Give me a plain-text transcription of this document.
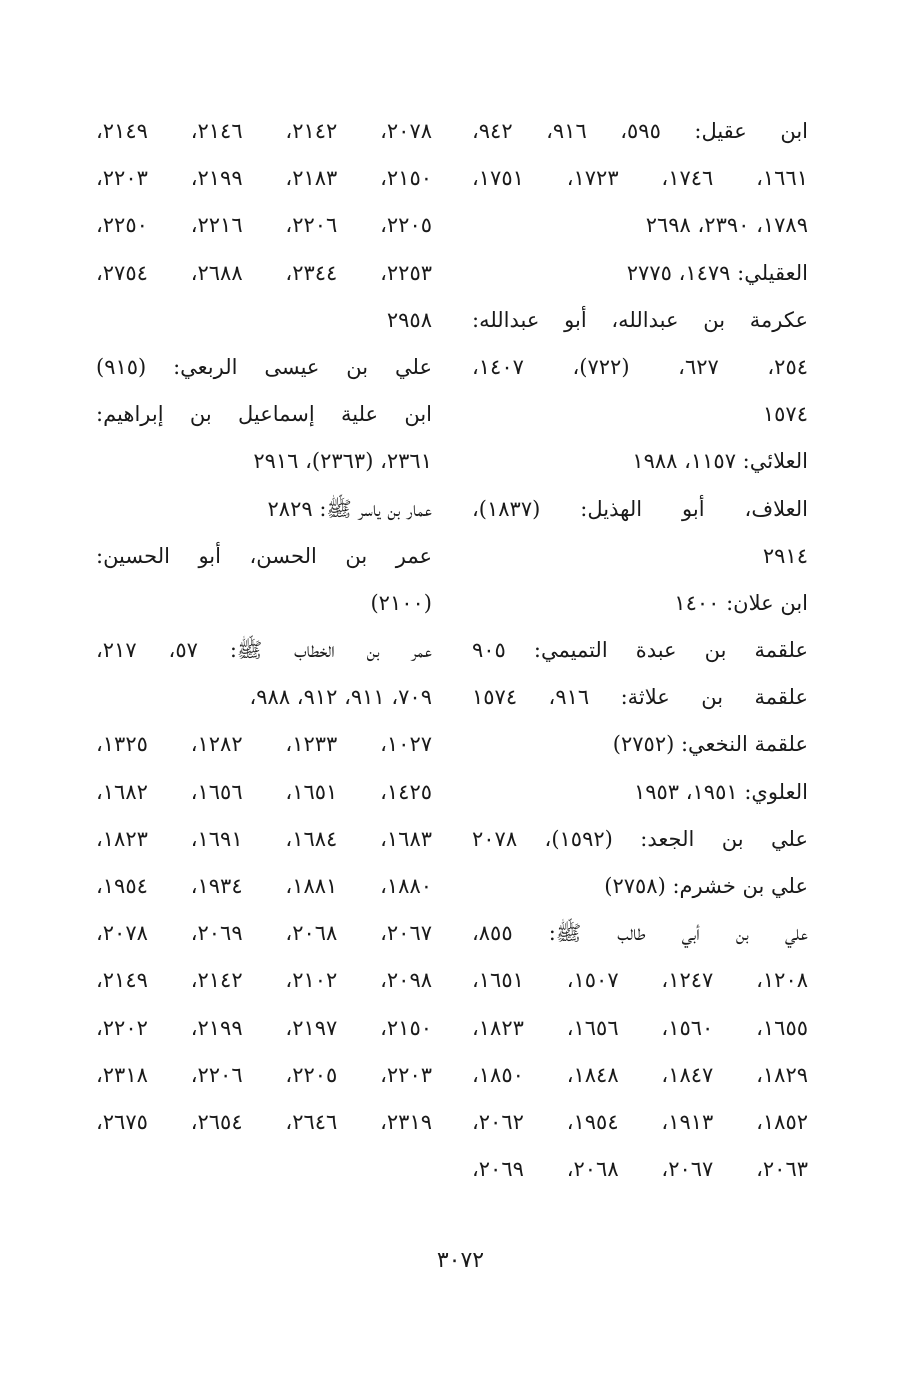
ابن عقيل: ٥٩٥، ٩١٦، ٩٤٢،
١٦٦١، ١٧٤٦، ١٧٢٣، ١٧٥١،
١٧٨٩، ٢٣٩٠، ٢٦٩٨
العقيلي: ١٤٧٩، ٢٧٧٥
عكرمة بن عبدالله، أبو عبدالله:
٢٥٤، ٦٢٧، (٧٢٢)، ١٤٠٧،
١٥٧٤
العلائي: ١١٥٧، ١٩٨٨
العلاف، أبو الهذيل: (١٨٣٧)،
٢٩١٤
ابن علان: ١٤٠٠
علقمة بن عبدة التميمي: ٩٠٥
علقمة بن علاثة: ٩١٦، ١٥٧٤
علقمة النخعي: (٢٧٥٢)
العلوي: ١٩٥١، ١٩٥٣
علي بن الجعد: (١٥٩٢)، ٢٠٧٨
علي بن خشرم: (٢٧٥٨)
علي بن أبي طالب ﷺ: ٨٥٥،
١٢٠٨، ١٢٤٧، ١٥٠٧، ١٦٥١،
١٦٥٥، ١٥٦٠، ١٦٥٦، ١٨٢٣،
١٨٢٩، ١٨٤٧، ١٨٤٨، ١٨٥٠،
١٨٥٢، ١٩١٣، ١٩٥٤، ٢٠٦٢،
٢٠٦٣، ٢٠٦٧، ٢٠٦٨، ٢٠٦٩،
٢٠٧٨، ٢١٤٢، ٢١٤٦، ٢١٤٩،
٢١٥٠، ٢١٨٣، ٢١٩٩، ٢٢٠٣،
٢٢٠٥، ٢٢٠٦، ٢٢١٦، ٢٢٥٠،
٢٢٥٣، ٢٣٤٤، ٢٦٨٨، ٢٧٥٤،
٢٩٥٨
علي بن عيسى الربعي: (٩١٥)
ابن علية إسماعيل بن إبراهيم:
٢٣٦١، (٢٣٦٣)، ٢٩١٦
عمار بن ياسر ﷺ: ٢٨٢٩
عمر بن الحسن، أبو الحسين:
(٢١٠٠)
عمر بن الخطاب ﷺ: ٥٧، ٢١٧،
٧٠٩، ٩١١، ٩١٢، ٩٨٨،
١٠٢٧، ١٢٣٣، ١٢٨٢، ١٣٢٥،
١٤٢٥، ١٦٥١، ١٦٥٦، ١٦٨٢،
١٦٨٣، ١٦٨٤، ١٦٩١، ١٨٢٣،
١٨٨٠، ١٨٨١، ١٩٣٤، ١٩٥٤،
٢٠٦٧، ٢٠٦٨، ٢٠٦٩، ٢٠٧٨،
٢٠٩٨، ٢١٠٢، ٢١٤٢، ٢١٤٩،
٢١٥٠، ٢١٩٧، ٢١٩٩، ٢٢٠٢،
٢٢٠٣، ٢٢٠٥، ٢٢٠٦، ٢٣١٨،
٢٣١٩، ٢٦٤٦، ٢٦٥٤، ٢٦٧٥،
٣٠٧٢
